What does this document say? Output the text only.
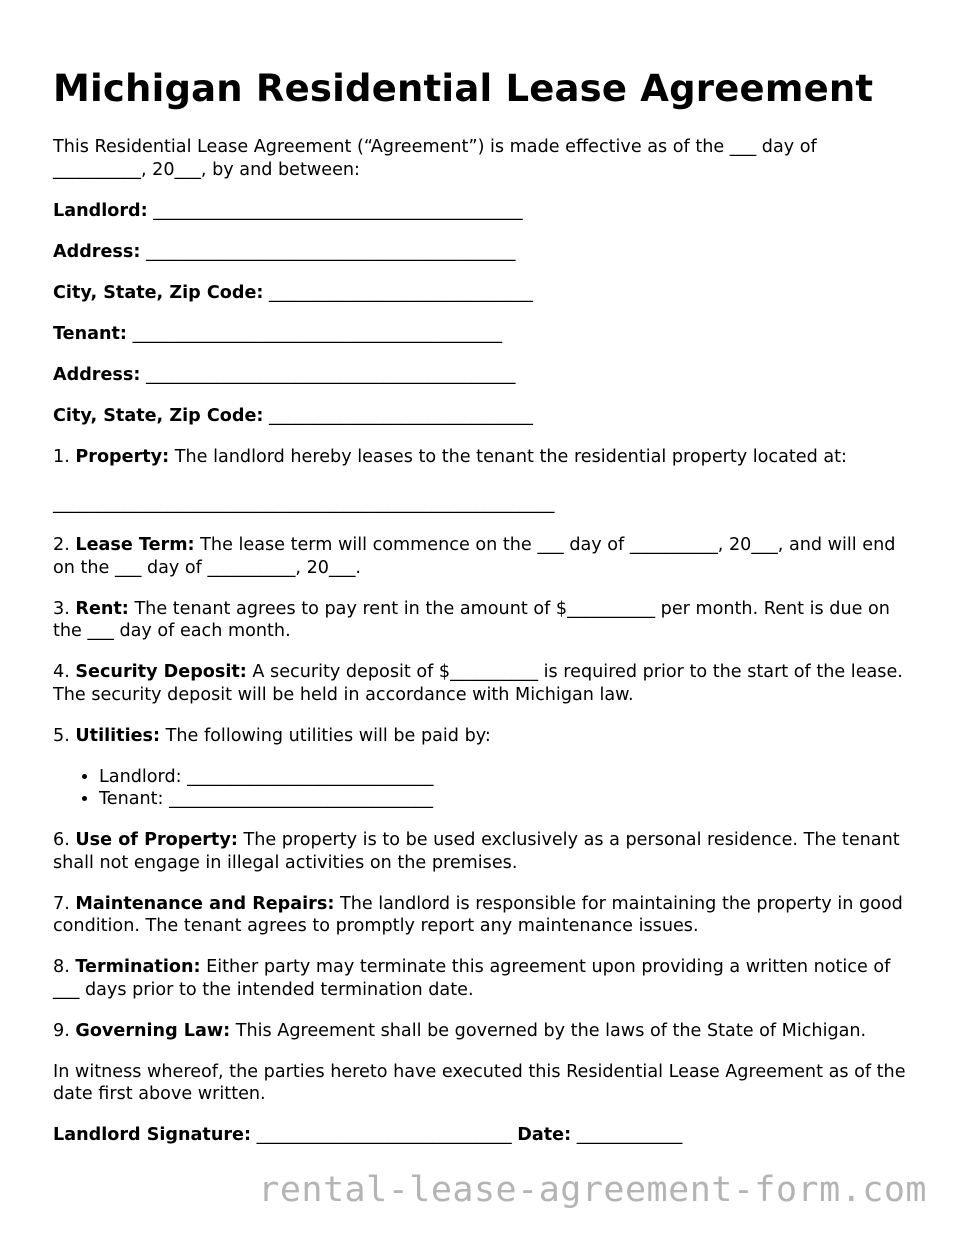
Michigan Residential Lease Agreement

This Residential Lease Agreement (“Agreement”) is made effective as of the ___ day of __________, 20___, by and between:

Landlord: __________________________________________
Address: __________________________________________
City, State, Zip Code: ______________________________
Tenant: __________________________________________
Address: __________________________________________
City, State, Zip Code: ______________________________

1. Property: The landlord hereby leases to the tenant the residential property located at:

_________________________________________________________

2. Lease Term: The lease term will commence on the ___ day of __________, 20___, and will end on the ___ day of __________, 20___.

3. Rent: The tenant agrees to pay rent in the amount of $__________ per month. Rent is due on the ___ day of each month.

4. Security Deposit: A security deposit of $__________ is required prior to the start of the lease. The security deposit will be held in accordance with Michigan law.

5. Utilities: The following utilities will be paid by:

• Landlord: ____________________________
• Tenant: ______________________________

6. Use of Property: The property is to be used exclusively as a personal residence. The tenant shall not engage in illegal activities on the premises.

7. Maintenance and Repairs: The landlord is responsible for maintaining the property in good condition. The tenant agrees to promptly report any maintenance issues.

8. Termination: Either party may terminate this agreement upon providing a written notice of ___ days prior to the intended termination date.

9. Governing Law: This Agreement shall be governed by the laws of the State of Michigan.

In witness whereof, the parties hereto have executed this Residential Lease Agreement as of the date first above written.

Landlord Signature: _____________________________ Date: ____________
rental-lease-agreement-form.com
